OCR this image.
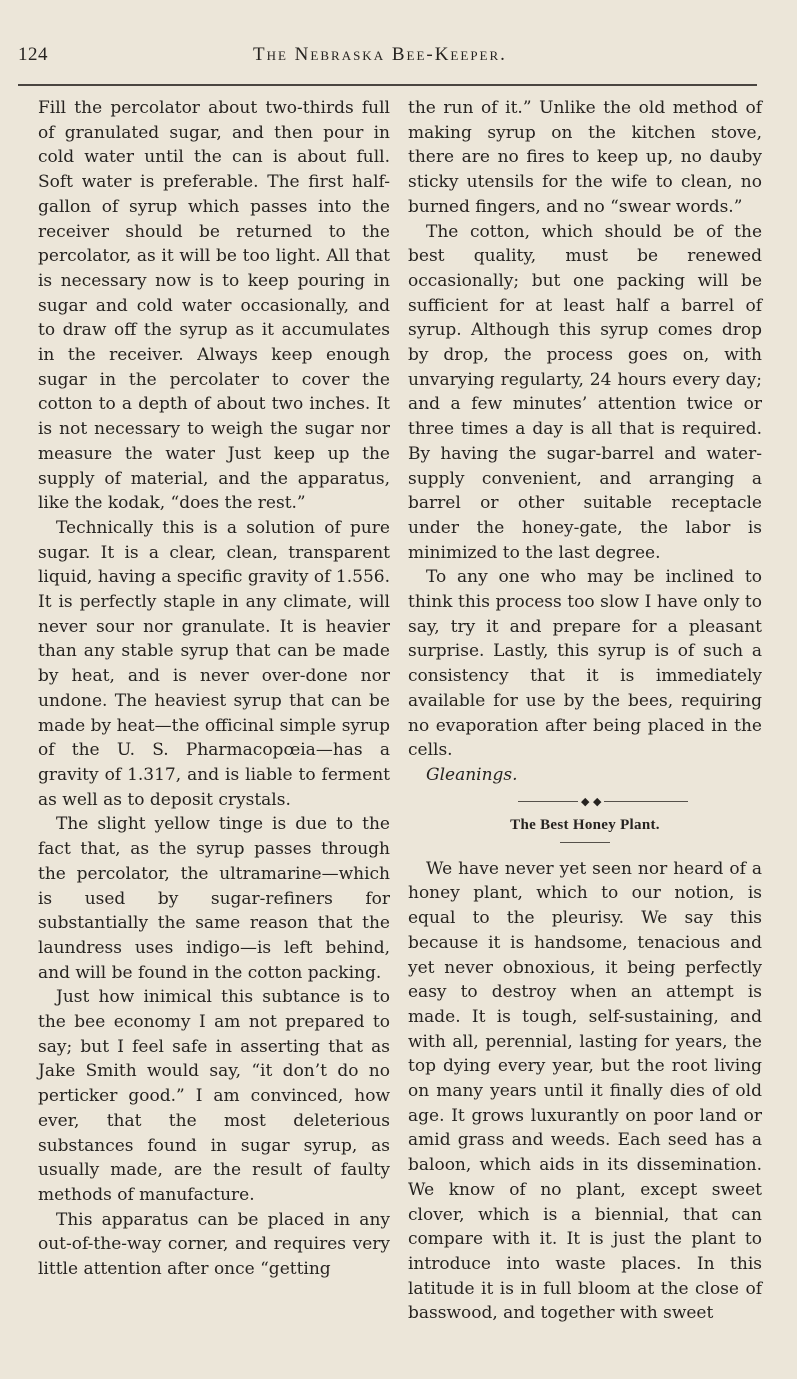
124	The Nebraska Bee-Keeper.

Fill the percolator about two-thirds full of granulated sugar, and then pour in cold water until the can is about full. Soft water is preferable. The first half-gallon of syrup which passes into the receiver should be returned to the percolator, as it will be too light. All that is necessary now is to keep pouring in sugar and cold water occasionally, and to draw off the syrup as it accumulates in the receiver. Always keep enough sugar in the percolater to cover the cotton to a depth of about two inches. It is not necessary to weigh the sugar nor measure the water Just keep up the supply of material, and the apparatus, like the kodak, “does the rest.”

Technically this is a solution of pure sugar. It is a clear, clean, transparent liquid, having a specific gravity of 1.556. It is perfectly staple in any climate, will never sour nor granulate. It is heavier than any stable syrup that can be made by heat, and is never over-done nor undone. The heaviest syrup that can be made by heat—the officinal simple syrup of the U. S. Pharmacopœia—has a gravity of 1.317, and is liable to ferment as well as to deposit crystals.

The slight yellow tinge is due to the fact that, as the syrup passes through the percolator, the ultramarine—which is used by sugar-refiners for substantially the same reason that the laundress uses indigo—is left behind, and will be found in the cotton packing.

Just how inimical this subtance is to the bee economy I am not prepared to say; but I feel safe in asserting that as Jake Smith would say, “it don’t do no perticker good.” I am convinced, how ever, that the most deleterious substances found in sugar syrup, as usually made, are the result of faulty methods of manufacture.

This apparatus can be placed in any out-of-the-way corner, and requires very little attention after once “getting

the run of it.” Unlike the old method of making syrup on the kitchen stove, there are no fires to keep up, no dauby sticky utensils for the wife to clean, no burned fingers, and no “swear words.”

The cotton, which should be of the best quality, must be renewed occasionally; but one packing will be sufficient for at least half a barrel of syrup. Although this syrup comes drop by drop, the process goes on, with unvarying regularty, 24 hours every day; and a few minutes’ attention twice or three times a day is all that is required. By having the sugar-barrel and water-supply convenient, and arranging a barrel or other suitable receptacle under the honey-gate, the labor is minimized to the last degree.

To any one who may be inclined to think this process too slow I have only to say, try it and prepare for a pleasant surprise. Lastly, this syrup is of such a consistency that it is immediately available for use by the bees, requiring no evaporation after being placed in the cells.

Gleanings.

◆ ◆
The Best Honey Plant.

We have never yet seen nor heard of a honey plant, which to our notion, is equal to the pleurisy. We say this because it is handsome, tenacious and yet never obnoxious, it being perfectly easy to destroy when an attempt is made. It is tough, self-sustaining, and with all, perennial, lasting for years, the top dying every year, but the root living on many years until it finally dies of old age. It grows luxurantly on poor land or amid grass and weeds. Each seed has a baloon, which aids in its dissemination. We know of no plant, except sweet clover, which is a biennial, that can compare with it. It is just the plant to introduce into waste places. In this latitude it is in full bloom at the close of basswood, and together with sweet
